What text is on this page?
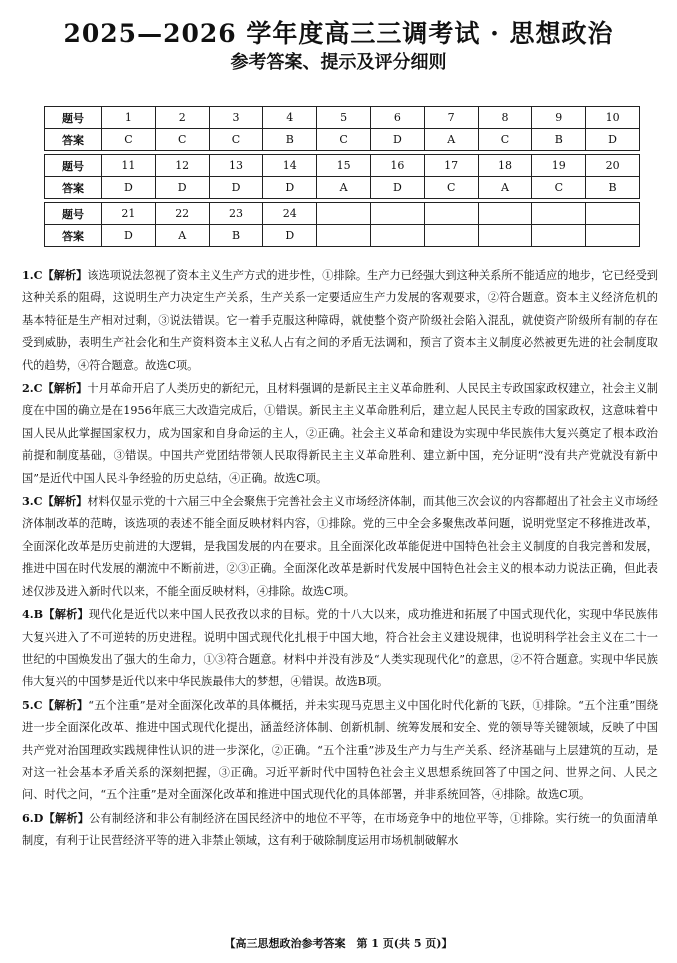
2025—2026 学年度高三三调考试 · 思想政治
参考答案、提示及评分细则
题号	1	2	3	4	5	6	7	8	9	10
答案	C	C	C	B	C	D	A	C	B	D

题号	11	12	13	14	15	16	17	18	19	20
答案	D	D	D	D	A	D	C	A	C	B

题号	21	22	23	24						
答案	D	A	B	D						

1.C【解析】该选项说法忽视了资本主义生产方式的进步性，①排除。生产力已经强大到这种关系所不能适应的地步，它已经受到这种关系的阻碍，这说明生产力决定生产关系，生产关系一定要适应生产力发展的客观要求，②符合题意。资本主义经济危机的基本特征是生产相对过剩，③说法错误。它一着手克服这种障碍，就使整个资产阶级社会陷入混乱，就使资产阶级所有制的存在受到威胁，表明生产社会化和生产资料资本主义私人占有之间的矛盾无法调和，预言了资本主义制度必然被更先进的社会制度取代的趋势，④符合题意。故选C项。

2.C【解析】十月革命开启了人类历史的新纪元，且材料强调的是新民主主义革命胜利、人民民主专政国家政权建立，社会主义制度在中国的确立是在1956年底三大改造完成后，①错误。新民主主义革命胜利后，建立起人民民主专政的国家政权，这意味着中国人民从此掌握国家权力，成为国家和自身命运的主人，②正确。社会主义革命和建设为实现中华民族伟大复兴奠定了根本政治前提和制度基础，③错误。中国共产党团结带领人民取得新民主主义革命胜利、建立新中国，充分证明“没有共产党就没有新中国”是近代中国人民斗争经验的历史总结，④正确。故选C项。

3.C【解析】材料仅显示党的十六届三中全会聚焦于完善社会主义市场经济体制，而其他三次会议的内容都超出了社会主义市场经济体制改革的范畴，该选项的表述不能全面反映材料内容，①排除。党的三中全会多聚焦改革问题，说明党坚定不移推进改革，全面深化改革是历史前进的大逻辑，是我国发展的内在要求。且全面深化改革能促进中国特色社会主义制度的自我完善和发展，推进中国在时代发展的潮流中不断前进，②③正确。全面深化改革是新时代发展中国特色社会主义的根本动力说法正确，但此表述仅涉及进入新时代以来，不能全面反映材料，④排除。故选C项。

4.B【解析】现代化是近代以来中国人民孜孜以求的目标。党的十八大以来，成功推进和拓展了中国式现代化，实现中华民族伟大复兴进入了不可逆转的历史进程。说明中国式现代化扎根于中国大地，符合社会主义建设规律，也说明科学社会主义在二十一世纪的中国焕发出了强大的生命力，①③符合题意。材料中并没有涉及“人类实现现代化”的意思，②不符合题意。实现中华民族伟大复兴的中国梦是近代以来中华民族最伟大的梦想，④错误。故选B项。

5.C【解析】“五个注重”是对全面深化改革的具体概括，并未实现马克思主义中国化时代化新的飞跃，①排除。“五个注重”围绕进一步全面深化改革、推进中国式现代化提出，涵盖经济体制、创新机制、统筹发展和安全、党的领导等关键领域，反映了中国共产党对治国理政实践规律性认识的进一步深化，②正确。“五个注重”涉及生产力与生产关系、经济基础与上层建筑的互动，是对这一社会基本矛盾关系的深刻把握，③正确。习近平新时代中国特色社会主义思想系统回答了中国之问、世界之问、人民之问、时代之问，“五个注重”是对全面深化改革和推进中国式现代化的具体部署，并非系统回答，④排除。故选C项。

6.D【解析】公有制经济和非公有制经济在国民经济中的地位不平等，在市场竞争中的地位平等，①排除。实行统一的负面清单制度，有利于让民营经济平等的进入非禁止领域，这有利于破除制度运用市场机制破解水

【高三思想政治参考答案　第 1 页(共 5 页)】
